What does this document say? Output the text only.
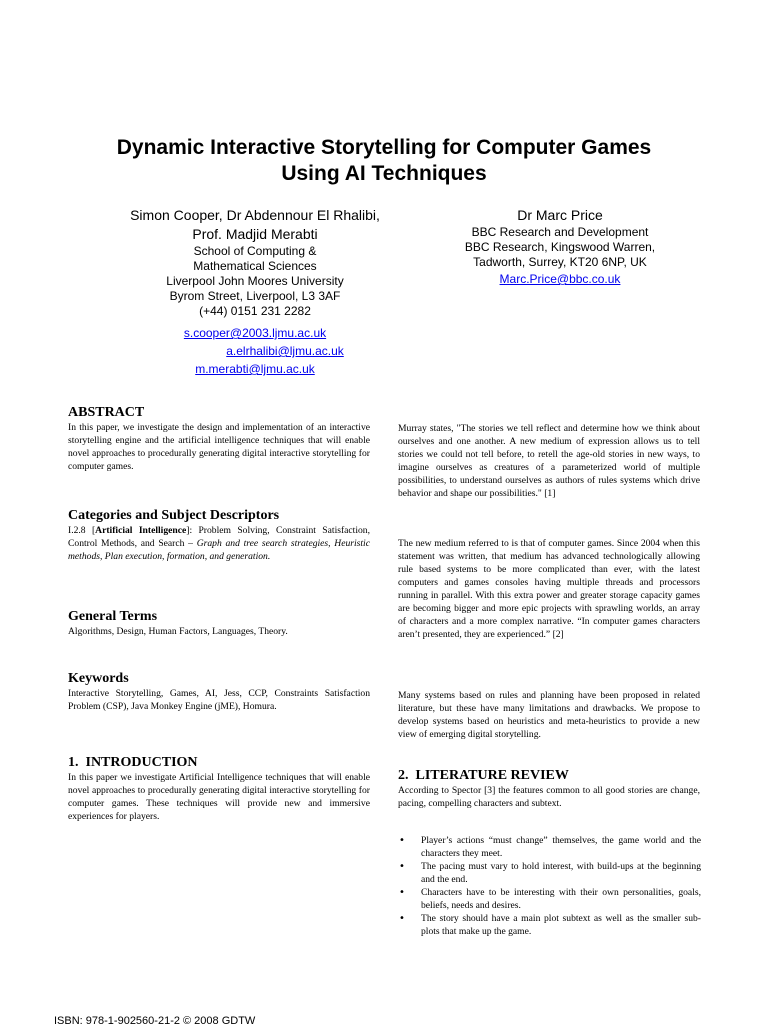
Dynamic Interactive Storytelling for Computer Games
Using AI Techniques
Simon Cooper, Dr Abdennour El Rhalibi,
Prof. Madjid Merabti
School of Computing &
Mathematical Sciences
Liverpool John Moores University
Byrom Street, Liverpool, L3 3AF
(+44) 0151 231 2282
s.cooper@2003.ljmu.ac.uk
a.elrhalibi@ljmu.ac.uk
m.merabti@ljmu.ac.uk
Dr Marc Price
BBC Research and Development
BBC Research, Kingswood Warren,
Tadworth, Surrey, KT20 6NP, UK
Marc.Price@bbc.co.uk
ABSTRACT

In this paper, we investigate the design and implementation of an interactive storytelling engine and the artificial intelligence techniques that will enable novel approaches to procedurally generating digital interactive storytelling for computer games.

Categories and Subject Descriptors

I.2.8 [Artificial Intelligence]: Problem Solving, Constraint Satisfaction, Control Methods, and Search – Graph and tree search strategies, Heuristic methods, Plan execution, formation, and generation.

General Terms

Algorithms, Design, Human Factors, Languages, Theory.

Keywords

Interactive Storytelling, Games, AI, Jess, CCP, Constraints Satisfaction Problem (CSP), Java Monkey Engine (jME), Homura.

1. INTRODUCTION

In this paper we investigate Artificial Intelligence techniques that will enable novel approaches to procedurally generating digital interactive storytelling for computer games. These techniques will provide new and immersive experiences for players.

Murray states, "The stories we tell reflect and determine how we think about ourselves and one another. A new medium of expression allows us to tell stories we could not tell before, to retell the age-old stories in new ways, to imagine ourselves as creatures of a parameterized world of multiple possibilities, to understand ourselves as authors of rules systems which drive behavior and shape our possibilities." [1]

The new medium referred to is that of computer games. Since 2004 when this statement was written, that medium has advanced technologically allowing rule based systems to be more complicated than ever, with the latest computers and games consoles having multiple threads and processors running in parallel. With this extra power and greater storage capacity games are becoming bigger and more epic projects with sprawling worlds, an array of characters and a more complex narrative. “In computer games characters aren’t presented, they are experienced.” [2]

Many systems based on rules and planning have been proposed in related literature, but these have many limitations and drawbacks. We propose to develop systems based on heuristics and meta-heuristics to provide a new view of emerging digital storytelling.

2. LITERATURE REVIEW

According to Spector [3] the features common to all good stories are change, pacing, compelling characters and subtext.

• Player’s actions “must change” themselves, the game world and the characters they meet.
• The pacing must vary to hold interest, with build-ups at the beginning and the end.
• Characters have to be interesting with their own personalities, goals, beliefs, needs and desires.
• The story should have a main plot subtext as well as the smaller sub-plots that make up the game.
ISBN: 978-1-902560-21-2 © 2008 GDTW
